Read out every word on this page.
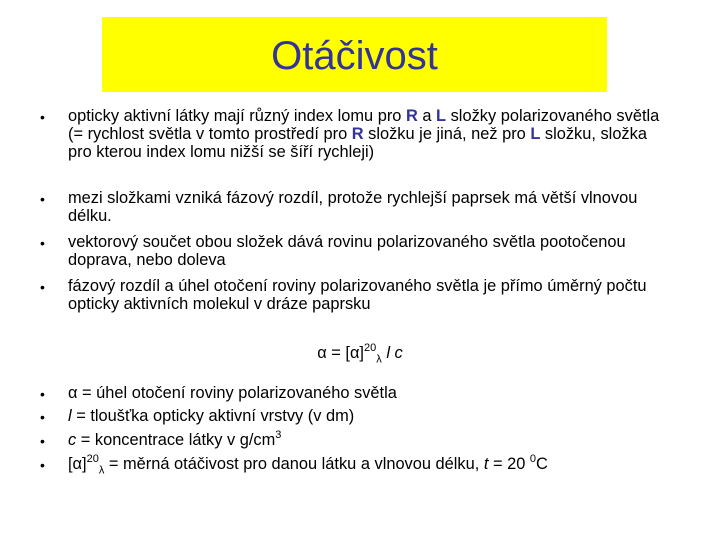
Otáčivost
• opticky aktivní látky mají různý index lomu pro R a L složky polarizovaného světla (= rychlost světla v tomto prostředí pro R složku je jiná, než pro L složku, složka pro kterou index lomu nižší se šíří rychleji)
• mezi složkami vzniká fázový rozdíl, protože rychlejší paprsek má větší vlnovou délku.
• vektorový součet obou složek dává rovinu polarizovaného světla pootočenou doprava, nebo doleva
• fázový rozdíl a úhel otočení roviny polarizovaného světla je přímo úměrný počtu opticky aktivních molekul v dráze paprsku
$\alpha = [\alpha]^{20}_\lambda$ l c
• α = úhel otočení roviny polarizovaného světla
• l = tloušťka opticky aktivní vrstvy (v dm)
• c = koncentrace látky v $g/cm^3$
• $[\alpha]^{20}_\lambda$ = měrná otáčivost pro danou látku a vlnovou délku, t = 20 $^0$C
